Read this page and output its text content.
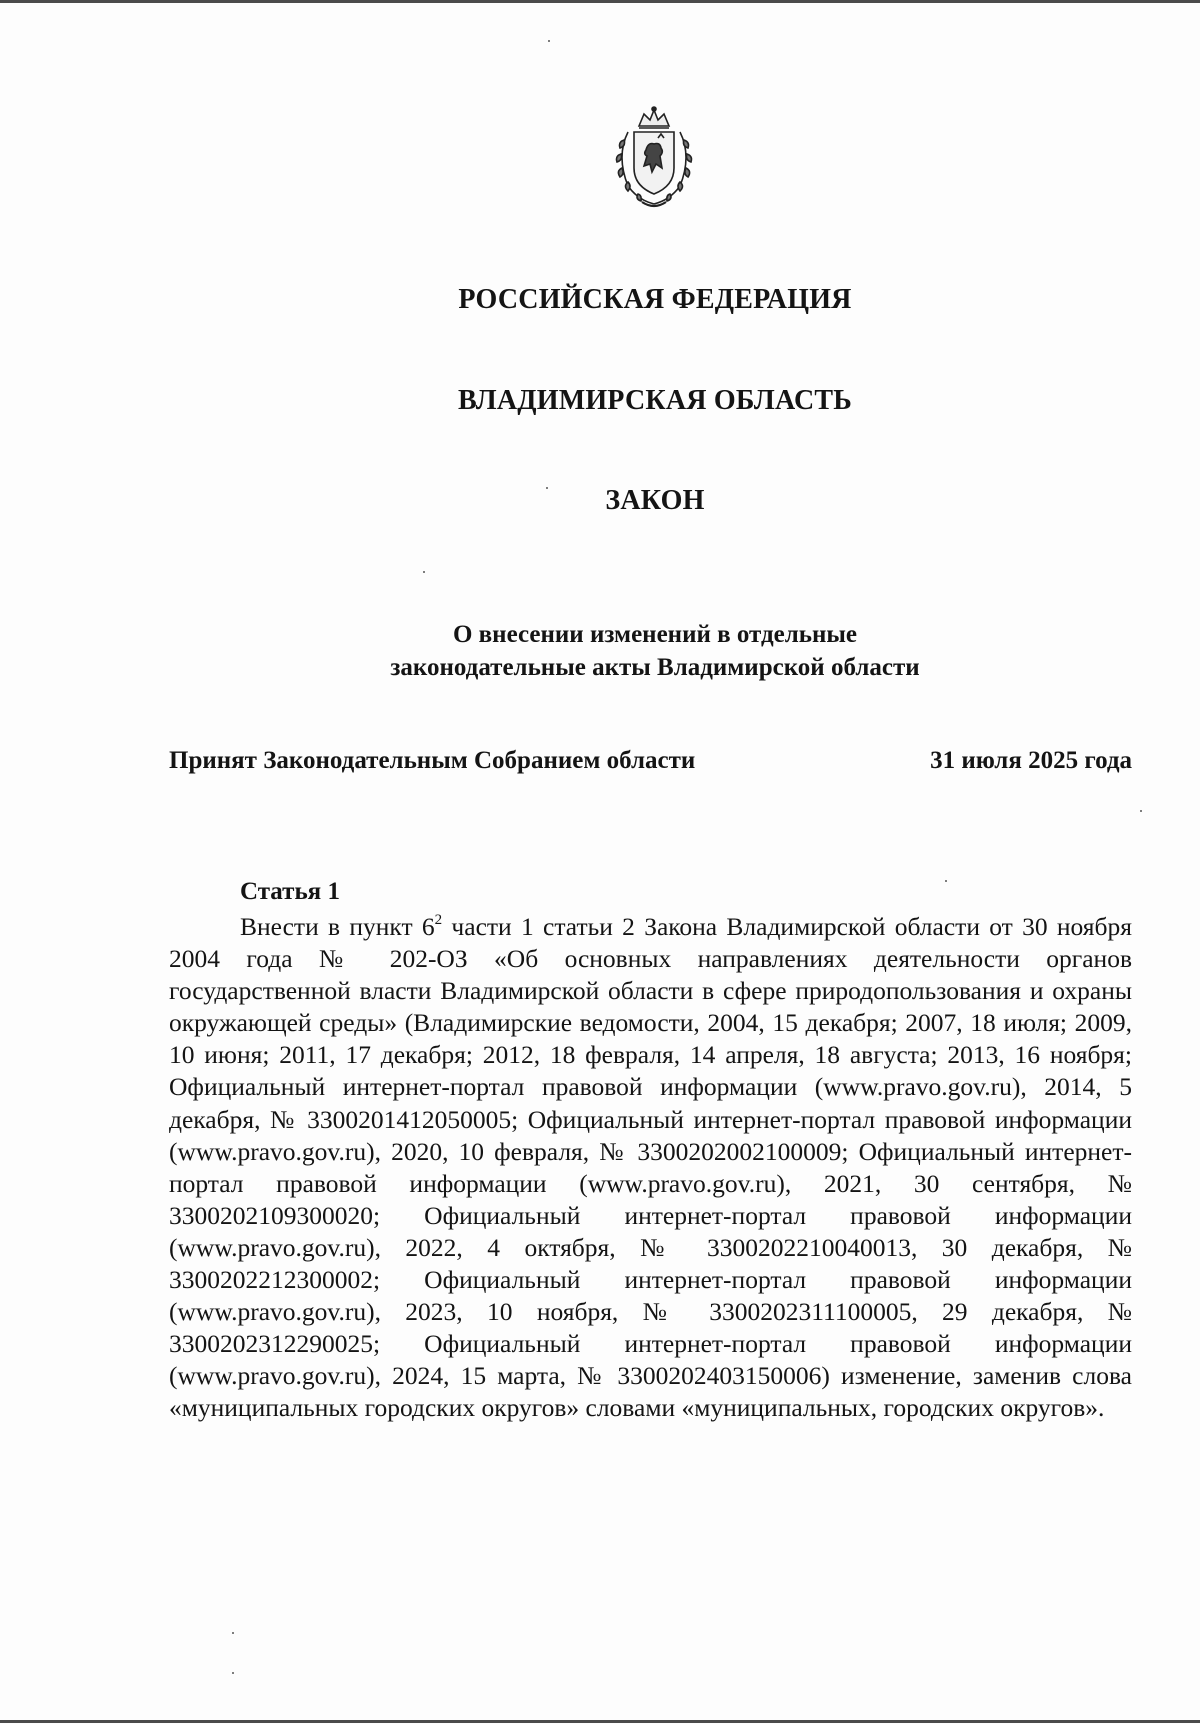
РОССИЙСКАЯ ФЕДЕРАЦИЯ
ВЛАДИМИРСКАЯ ОБЛАСТЬ
ЗАКОН
О внесении изменений в отдельные
законодательные акты Владимирской области
Принят Законодательным Собранием области	31 июля 2025 года
Статья 1
Внести в пункт $6^2$ части 1 статьи 2 Закона Владимирской области от 30 ноября 2004 года № 202-ОЗ «Об основных направлениях деятельности органов государственной власти Владимирской области в сфере природопользования и охраны окружающей среды» (Владимирские ведомости, 2004, 15 декабря; 2007, 18 июля; 2009, 10 июня; 2011, 17 декабря; 2012, 18 февраля, 14 апреля, 18 августа; 2013, 16 ноября; Официальный интернет-портал правовой информации (www.pravo.gov.ru), 2014, 5 декабря, № 3300201412050005; Официальный интернет-портал правовой информации (www.pravo.gov.ru), 2020, 10 февраля, № 3300202002100009; Официальный интернет-портал правовой информации (www.pravo.gov.ru), 2021, 30 сентября, № 3300202109300020; Официальный интернет-портал правовой информации (www.pravo.gov.ru), 2022, 4 октября, № 3300202210040013, 30 декабря, № 3300202212300002; Официальный интернет-портал правовой информации (www.pravo.gov.ru), 2023, 10 ноября, № 3300202311100005, 29 декабря, № 3300202312290025; Официальный интернет-портал правовой информации (www.pravo.gov.ru), 2024, 15 марта, № 3300202403150006) изменение, заменив слова «муниципальных городских округов» словами «муниципальных, городских округов».
